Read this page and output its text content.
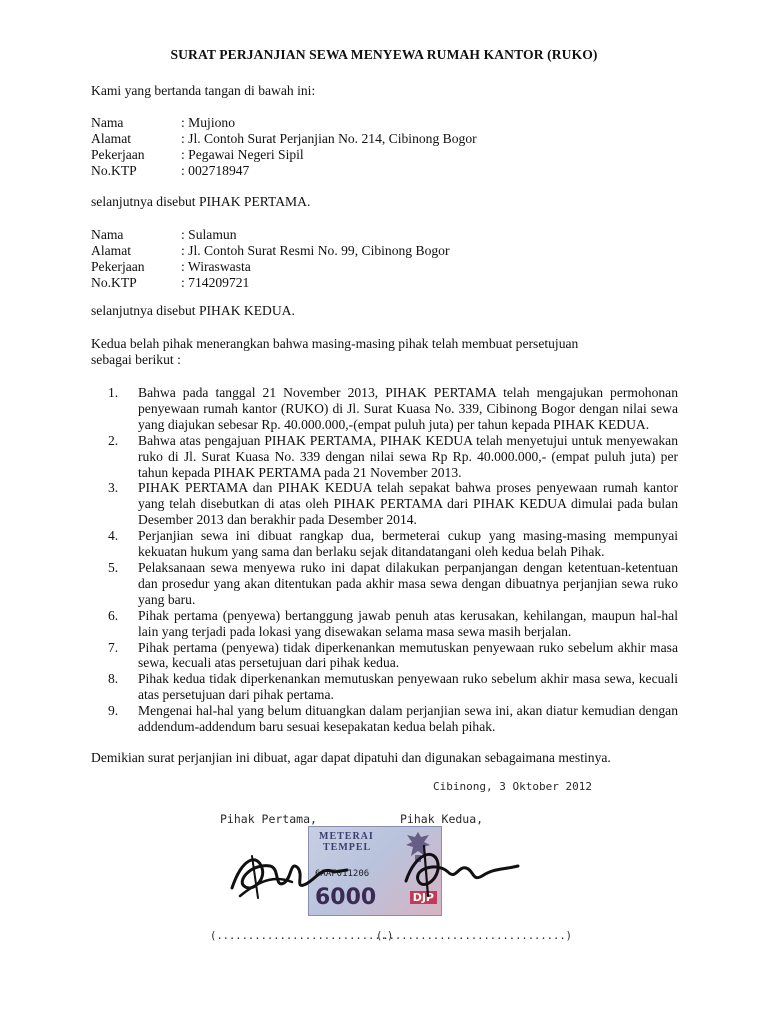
SURAT PERJANJIAN SEWA MENYEWA RUMAH KANTOR (RUKO)
Kami yang bertanda tangan di bawah ini:
Nama	: Mujiono
Alamat	: Jl. Contoh Surat Perjanjian No. 214, Cibinong Bogor
Pekerjaan	: Pegawai Negeri Sipil
No.KTP	: 002718947
selanjutnya disebut PIHAK PERTAMA.
Nama	: Sulamun
Alamat	: Jl. Contoh Surat Resmi No. 99, Cibinong Bogor
Pekerjaan	: Wiraswasta
No.KTP	: 714209721
selanjutnya disebut PIHAK KEDUA.
Kedua belah pihak menerangkan bahwa masing-masing pihak telah membuat persetujuan
sebagai berikut :
1.	Bahwa pada tanggal 21 November 2013, PIHAK PERTAMA telah mengajukan permohonan penyewaan rumah kantor (RUKO) di Jl. Surat Kuasa No. 339, Cibinong Bogor dengan nilai sewa yang diajukan sebesar Rp. 40.000.000,-(empat puluh juta) per tahun kepada PIHAK KEDUA.
2.	Bahwa atas pengajuan PIHAK PERTAMA, PIHAK KEDUA telah menyetujui untuk menyewakan ruko di Jl. Surat Kuasa No. 339 dengan nilai sewa Rp Rp. 40.000.000,- (empat puluh juta) per tahun kepada PIHAK PERTAMA pada 21 November 2013.
3.	PIHAK PERTAMA dan PIHAK KEDUA telah sepakat bahwa proses penyewaan rumah kantor yang telah disebutkan di atas oleh PIHAK PERTAMA dari PIHAK KEDUA dimulai pada bulan Desember 2013 dan berakhir pada Desember 2014.
4.	Perjanjian sewa ini dibuat rangkap dua, bermeterai cukup yang masing-masing mempunyai kekuatan hukum yang sama dan berlaku sejak ditandatangani oleh kedua belah Pihak.
5.	Pelaksanaan sewa menyewa ruko ini dapat dilakukan perpanjangan dengan ketentuan-ketentuan dan prosedur yang akan ditentukan pada akhir masa sewa dengan dibuatnya perjanjian sewa ruko yang baru.
6.	Pihak pertama (penyewa) bertanggung jawab penuh atas kerusakan, kehilangan, maupun hal-hal lain yang terjadi pada lokasi yang disewakan selama masa sewa masih berjalan.
7.	Pihak pertama (penyewa) tidak diperkenankan memutuskan penyewaan ruko sebelum akhir masa sewa, kecuali atas persetujuan dari pihak kedua.
8.	Pihak kedua tidak diperkenankan memutuskan penyewaan ruko sebelum akhir masa sewa, kecuali atas persetujuan dari pihak pertama.
9.	Mengenai hal-hal yang belum dituangkan dalam perjanjian sewa ini, akan diatur kemudian dengan addendum-addendum baru sesuai kesepakatan kedua belah pihak.
Demikian surat perjanjian ini dibuat, agar dapat dipatuhi dan digunakan sebagaimana mestinya.
Cibinong, 3 Oktober 2012
Pihak Pertama,	Pihak Kedua,
METERAI
TEMPEL
6AAF011206
6000	DJP
(...........................)
(.............................)
